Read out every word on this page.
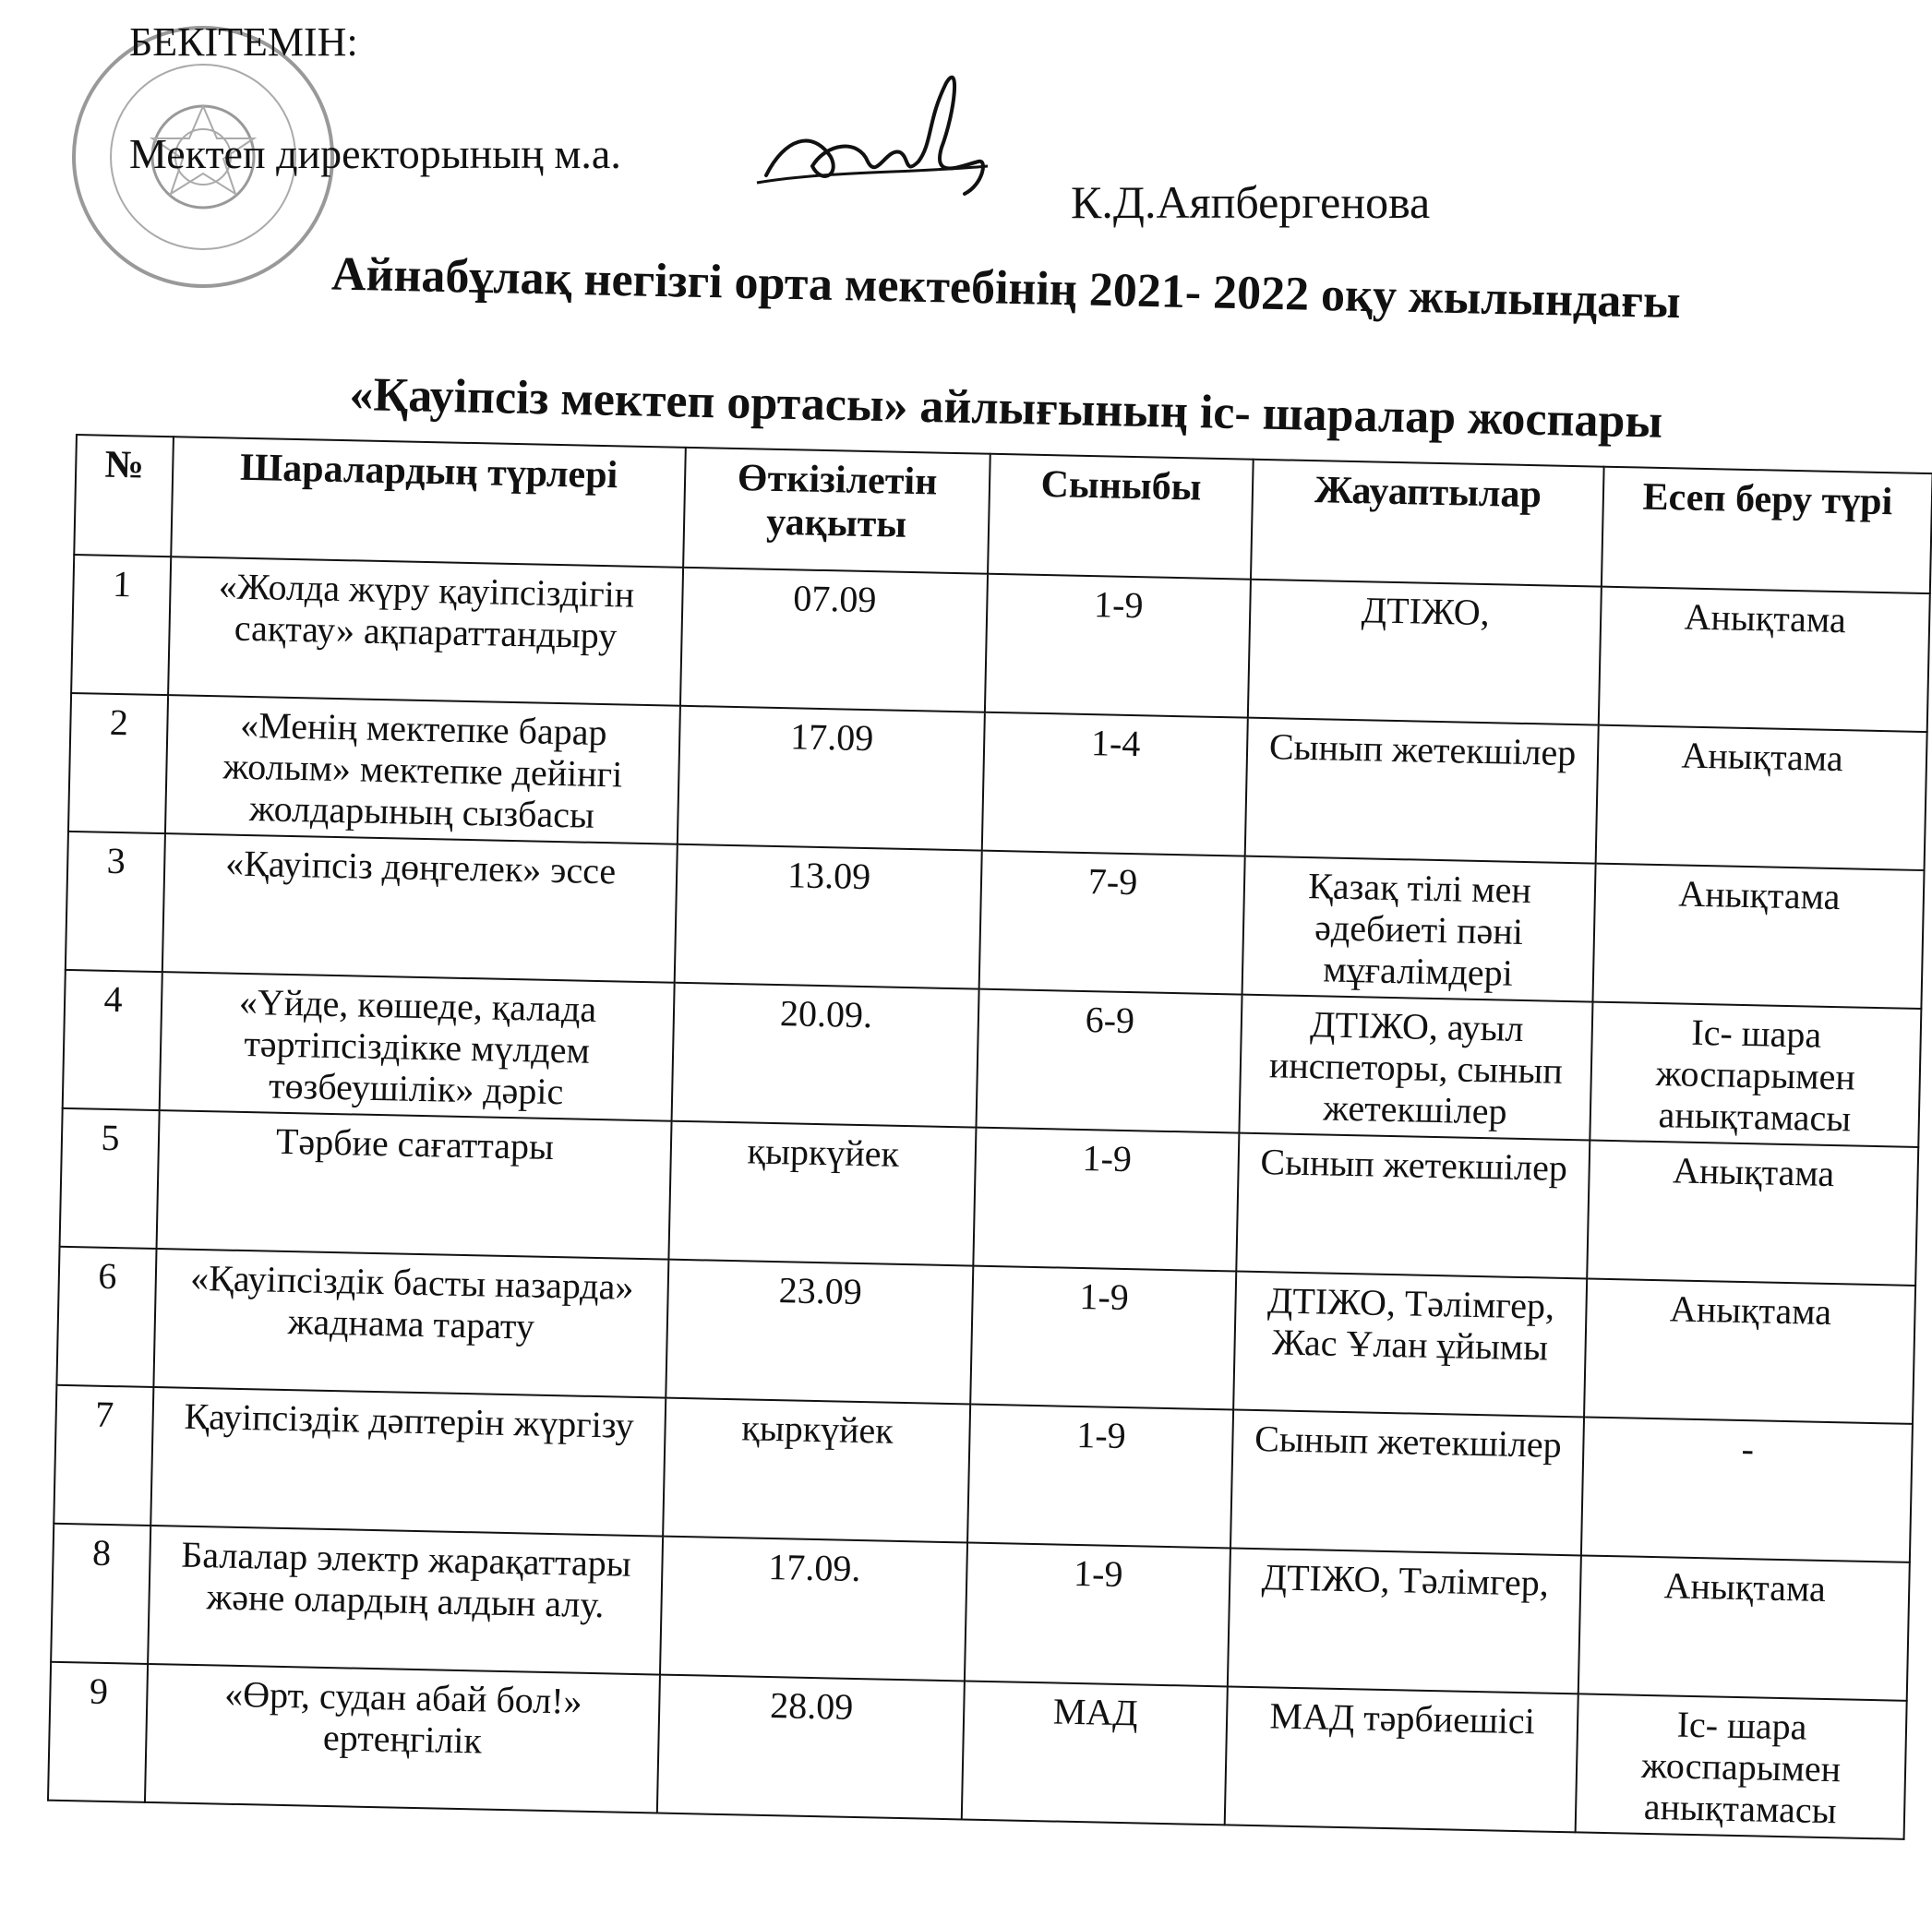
БЕКІТЕМІН:
Мектеп директорының м.а.
К.Д.Аяпбергенова
Айнабұлақ негізгі орта мектебінің 2021- 2022 оқу жылындағы
«Қауіпсіз мектеп ортасы» айлығының іс- шаралар жоспары
№	Шаралардың түрлері	Өткізілетін уақыты	Сыныбы	Жауаптылар	Есеп беру түрі
1	«Жолда жүру қауіпсіздігін сақтау» ақпараттандыру	07.09	1-9	ДТІЖО,	Анықтама
2	«Менің мектепке барар жолым» мектепке дейінгі жолдарының сызбасы	17.09	1-4	Сынып жетекшілер	Анықтама
3	«Қауіпсіз дөңгелек» эссе	13.09	7-9	Қазақ тілі мен әдебиеті пәні мұғалімдері	Анықтама
4	«Үйде, көшеде, қалада тәртіпсіздікке мүлдем төзбеушілік» дәріс	20.09.	6-9	ДТІЖО, ауыл инспеторы, сынып жетекшілер	Іс- шара жоспарымен анықтамасы
5	Тәрбие сағаттары	қыркүйек	1-9	Сынып жетекшілер	Анықтама
6	«Қауіпсіздік басты назарда» жаднама тарату	23.09	1-9	ДТІЖО, Тәлімгер, Жас Ұлан ұйымы	Анықтама
7	Қауіпсіздік дәптерін жүргізу	қыркүйек	1-9	Сынып жетекшілер	-
8	Балалар электр жарақаттары және олардың алдын алу.	17.09.	1-9	ДТІЖО, Тәлімгер,	Анықтама
9	«Өрт, судан абай бол!» ертеңгілік	28.09	МАД	МАД тәрбиешісі	Іс- шара жоспарымен анықтамасы
